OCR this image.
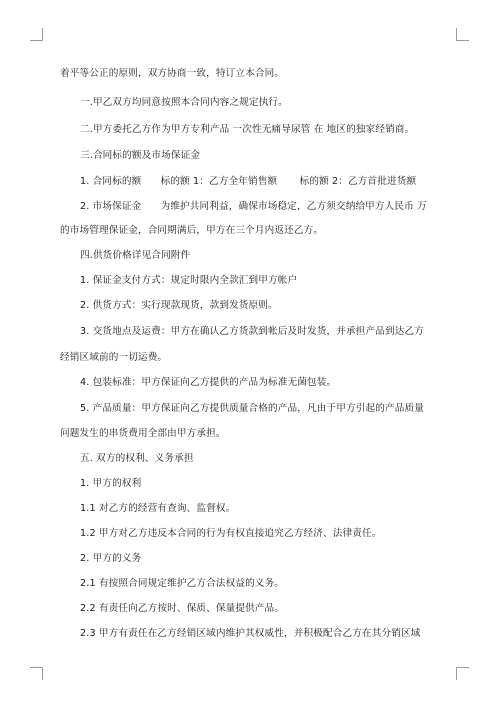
着平等公正的原则，双方协商一致，特订立本合同。
一.甲乙双方均同意按照本合同内容之规定执行。
二.甲方委托乙方作为甲方专利产品 一次性无痛导尿管 在 地区的独家经销商。
三.合同标的额及市场保证金
1. 合同标的额      标的额 1：乙方全年销售额       标的额 2：乙方首批进货额
2. 市场保证金      为维护共同利益，确保市场稳定，乙方须交纳给甲方人民币 万
的市场管理保证金，合同期满后，甲方在三个月内返还乙方。
四.供货价格详见合同附件
1. 保证金支付方式：规定时限内全款汇到甲方帐户
2. 供货方式：实行现款现货，款到发货原则。
3. 交货地点及运费：甲方在确认乙方货款到帐后及时发货，并承担产品到达乙方
经销区域前的一切运费。
4. 包装标准：甲方保证向乙方提供的产品为标准无菌包装。
5. 产品质量：甲方保证向乙方提供质量合格的产品，凡由于甲方引起的产品质量
问题发生的串货费用全部由甲方承担。
五. 双方的权利、义务承担
1. 甲方的权利
1.1 对乙方的经营有查询、监督权。
1.2 甲方对乙方违反本合同的行为有权直接追究乙方经济、法律责任。
2. 甲方的义务
2.1 有按照合同规定维护乙方合法权益的义务。
2.2 有责任向乙方按时、保质、保量提供产品。
2.3 甲方有责任在乙方经销区域内维护其权威性，并积极配合乙方在其分销区域
